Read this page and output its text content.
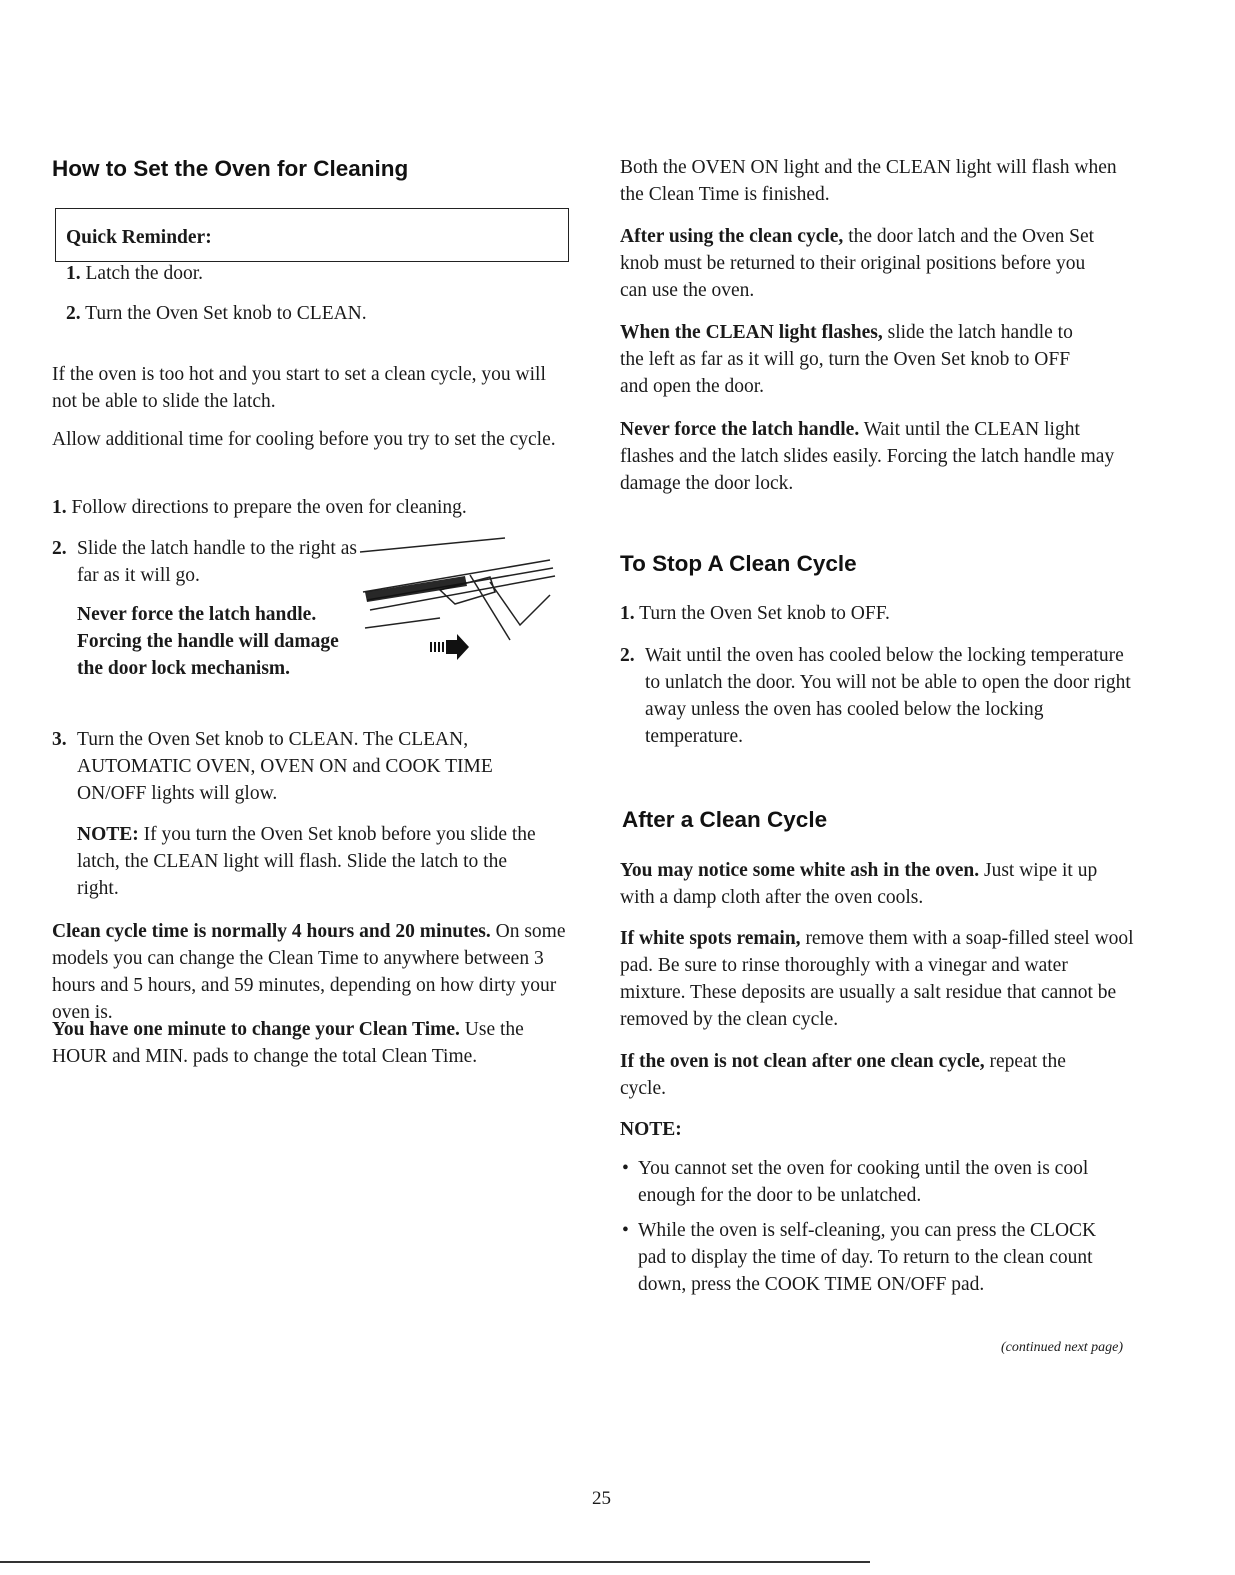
How to Set the Oven for Cleaning

Quick Reminder:

1. Latch the door.

2. Turn the Oven Set knob to CLEAN.

If the oven is too hot and you start to set a clean cycle, you will not be able to slide the latch.

Allow additional time for cooling before you try to set the cycle.

1. Follow directions to prepare the oven for cleaning.

2. Slide the latch handle to the right as far as it will go.

Never force the latch handle. Forcing the handle will damage the door lock mechanism.

3. Turn the Oven Set knob to CLEAN. The CLEAN, AUTOMATIC OVEN, OVEN ON and COOK TIME ON/OFF lights will glow.

NOTE: If you turn the Oven Set knob before you slide the latch, the CLEAN light will flash. Slide the latch to the right.

Clean cycle time is normally 4 hours and 20 minutes. On some models you can change the Clean Time to anywhere between 3 hours and 5 hours, and 59 minutes, depending on how dirty your oven is.

You have one minute to change your Clean Time. Use the HOUR and MIN. pads to change the total Clean Time.

Both the OVEN ON light and the CLEAN light will flash when the Clean Time is finished.

After using the clean cycle, the door latch and the Oven Set knob must be returned to their original positions before you can use the oven.

When the CLEAN light flashes, slide the latch handle to the left as far as it will go, turn the Oven Set knob to OFF and open the door.

Never force the latch handle. Wait until the CLEAN light flashes and the latch slides easily. Forcing the latch handle may damage the door lock.

To Stop A Clean Cycle

1. Turn the Oven Set knob to OFF.

2. Wait until the oven has cooled below the locking temperature to unlatch the door. You will not be able to open the door right away unless the oven has cooled below the locking temperature.

After a Clean Cycle

You may notice some white ash in the oven. Just wipe it up with a damp cloth after the oven cools.

If white spots remain, remove them with a soap-filled steel wool pad. Be sure to rinse thoroughly with a vinegar and water mixture. These deposits are usually a salt residue that cannot be removed by the clean cycle.

If the oven is not clean after one clean cycle, repeat the cycle.

NOTE:

• You cannot set the oven for cooking until the oven is cool enough for the door to be unlatched.

• While the oven is self-cleaning, you can press the CLOCK pad to display the time of day. To return to the clean count down, press the COOK TIME ON/OFF pad.

(continued next page)
25
